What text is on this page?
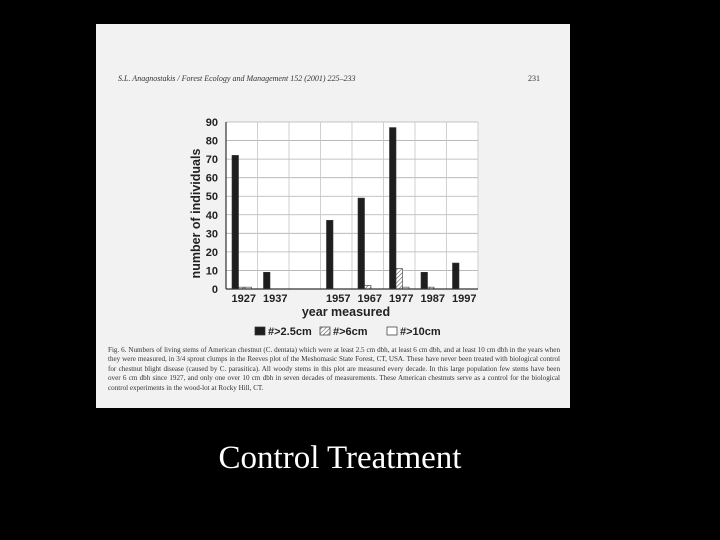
S.L. Anagnostakis / Forest Ecology and Management 152 (2001) 225–233	231
0
10
20
30
40
50
60
70
80
90
1927 1937	1957 1967 1977 1987 1997
year measured
number of individuals
#>2.5cm #>6cm	#>10cm
Fig. 6. Numbers of living stems of American chestnut (C. dentata) which were at least 2.5 cm dbh, at least 6 cm dbh, and at least 10 cm dbh in the years when they were measured, in 3/4 sprout clumps in the Reeves plot of the Meshomasic State Forest, CT, USA. These have never been treated with biological control for chestnut blight disease (caused by C. parasitica). All woody stems in this plot are measured every decade. In this large population few stems have been over 6 cm dbh since 1927, and only one over 10 cm dbh in seven decades of measurements. These American chestnuts serve as a control for the biological control experiments in the wood-lot at Rocky Hill, CT.
Control Treatment
